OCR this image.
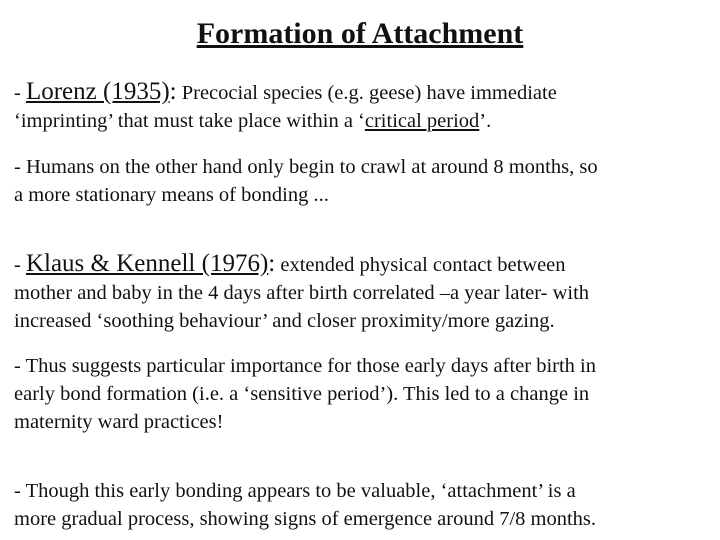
Formation of Attachment
- Lorenz (1935): Precocial species (e.g. geese) have immediate
‘imprinting’ that must take place within a ‘critical period’.
- Humans on the other hand only begin to crawl at around 8 months, so
a more stationary means of bonding ...
- Klaus & Kennell (1976): extended physical contact between
mother and baby in the 4 days after birth correlated –a year later- with
increased ‘soothing behaviour’ and closer proximity/more gazing.
- Thus suggests particular importance for those early days after birth in
early bond formation (i.e. a ‘sensitive period’). This led to a change in
maternity ward practices!
- Though this early bonding appears to be valuable, ‘attachment’ is a
more gradual process, showing signs of emergence around 7/8 months.
